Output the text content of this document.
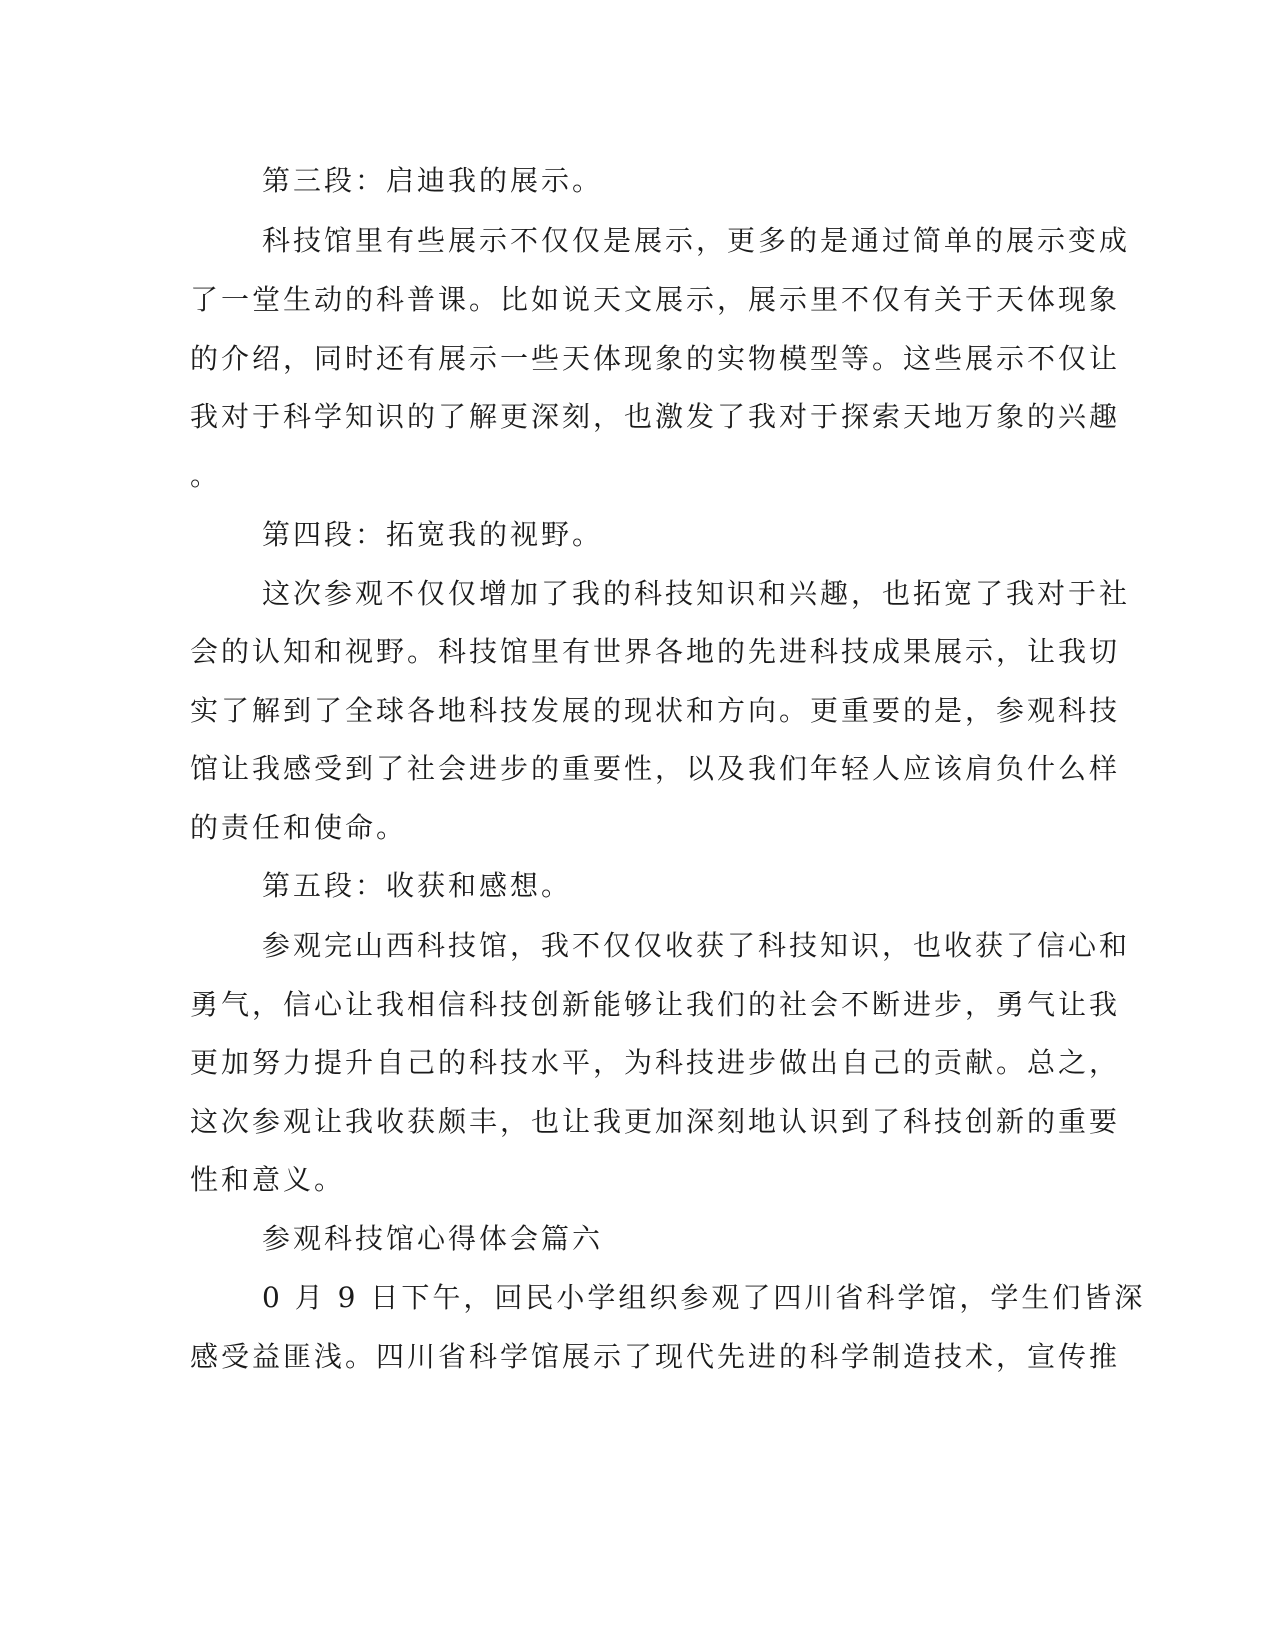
第三段：启迪我的展示。
科技馆里有些展示不仅仅是展示，更多的是通过简单的展示变成
了一堂生动的科普课。比如说天文展示，展示里不仅有关于天体现象
的介绍，同时还有展示一些天体现象的实物模型等。这些展示不仅让
我对于科学知识的了解更深刻，也激发了我对于探索天地万象的兴趣
。
第四段：拓宽我的视野。
这次参观不仅仅增加了我的科技知识和兴趣，也拓宽了我对于社
会的认知和视野。科技馆里有世界各地的先进科技成果展示，让我切
实了解到了全球各地科技发展的现状和方向。更重要的是，参观科技
馆让我感受到了社会进步的重要性，以及我们年轻人应该肩负什么样
的责任和使命。
第五段：收获和感想。
参观完山西科技馆，我不仅仅收获了科技知识，也收获了信心和
勇气，信心让我相信科技创新能够让我们的社会不断进步，勇气让我
更加努力提升自己的科技水平，为科技进步做出自己的贡献。总之，
这次参观让我收获颇丰，也让我更加深刻地认识到了科技创新的重要
性和意义。
参观科技馆心得体会篇六
0 月 9 日下午，回民小学组织参观了四川省科学馆，学生们皆深
感受益匪浅。四川省科学馆展示了现代先进的科学制造技术，宣传推
